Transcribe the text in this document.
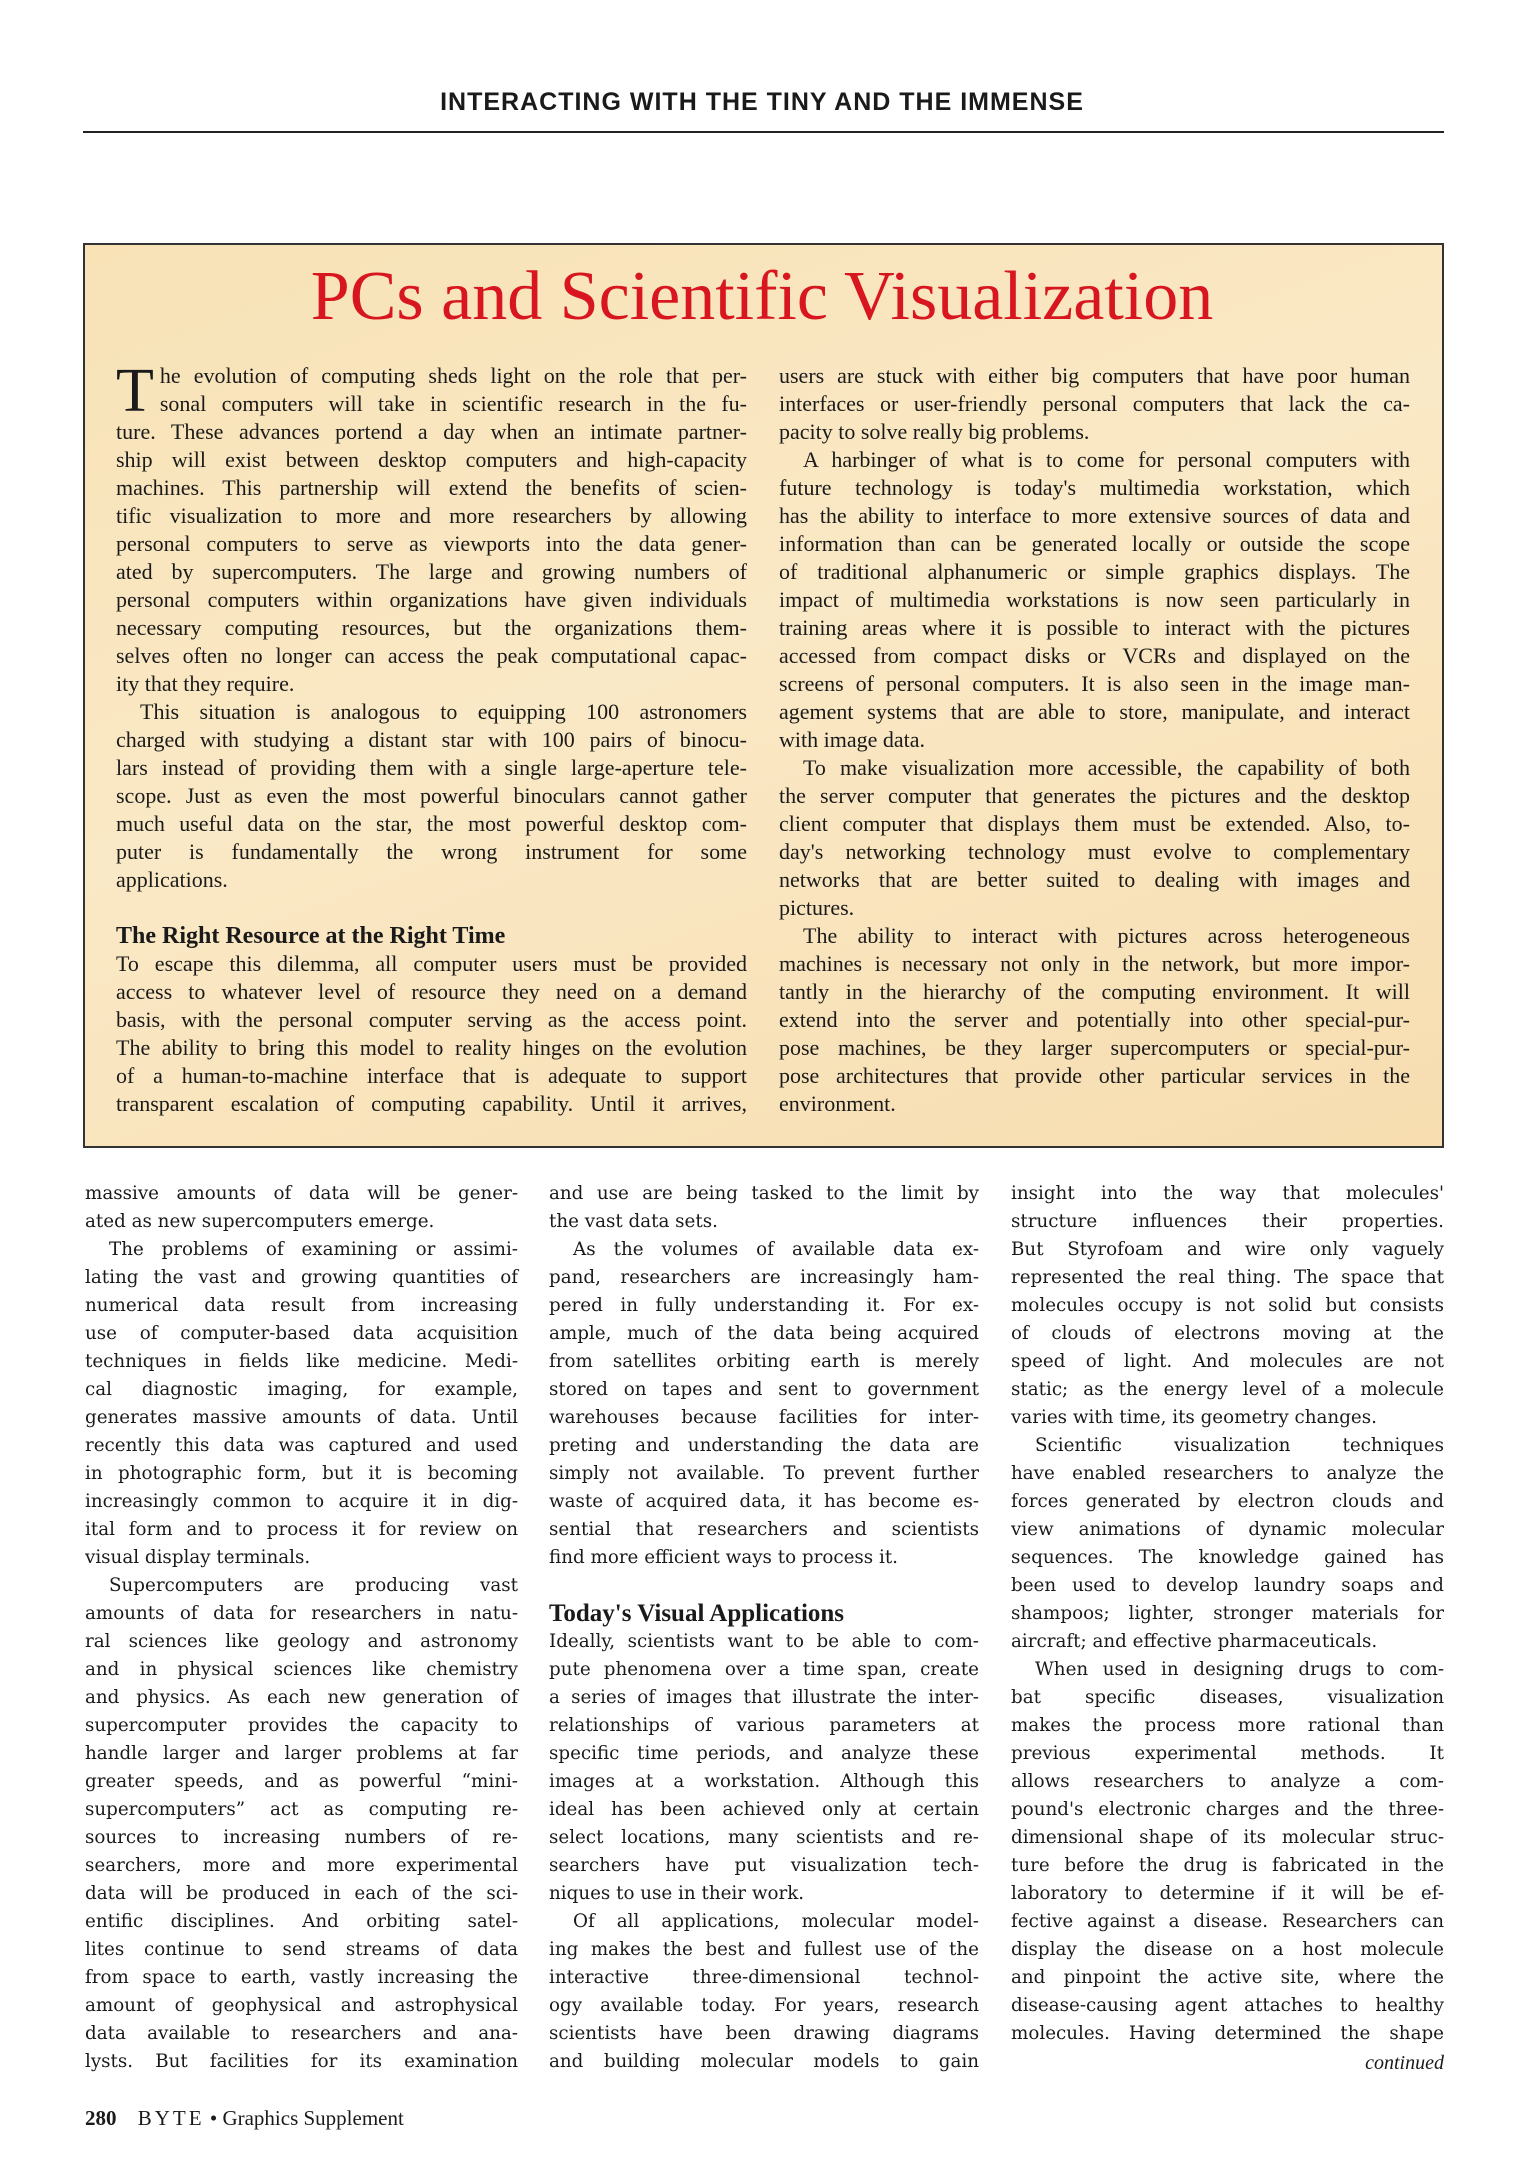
INTERACTING WITH THE TINY AND THE IMMENSE
PCs and Scientific Visualization
T he evolution of computing sheds light on the role that per-
sonal computers will take in scientific research in the fu-
ture. These advances portend a day when an intimate partner-
ship will exist between desktop computers and high-capacity
machines. This partnership will extend the benefits of scien-
tific visualization to more and more researchers by allowing
personal computers to serve as viewports into the data gener-
ated by supercomputers. The large and growing numbers of
personal computers within organizations have given individuals
necessary computing resources, but the organizations them-
selves often no longer can access the peak computational capac-
ity that they require.
This situation is analogous to equipping 100 astronomers
charged with studying a distant star with 100 pairs of binocu-
lars instead of providing them with a single large-aperture tele-
scope. Just as even the most powerful binoculars cannot gather
much useful data on the star, the most powerful desktop com-
puter is fundamentally the wrong instrument for some
applications.
The Right Resource at the Right Time
To escape this dilemma, all computer users must be provided
access to whatever level of resource they need on a demand
basis, with the personal computer serving as the access point.
The ability to bring this model to reality hinges on the evolution
of a human-to-machine interface that is adequate to support
transparent escalation of computing capability. Until it arrives,
users are stuck with either big computers that have poor human
interfaces or user-friendly personal computers that lack the ca-
pacity to solve really big problems.
A harbinger of what is to come for personal computers with
future technology is today's multimedia workstation, which
has the ability to interface to more extensive sources of data and
information than can be generated locally or outside the scope
of traditional alphanumeric or simple graphics displays. The
impact of multimedia workstations is now seen particularly in
training areas where it is possible to interact with the pictures
accessed from compact disks or VCRs and displayed on the
screens of personal computers. It is also seen in the image man-
agement systems that are able to store, manipulate, and interact
with image data.
To make visualization more accessible, the capability of both
the server computer that generates the pictures and the desktop
client computer that displays them must be extended. Also, to-
day's networking technology must evolve to complementary
networks that are better suited to dealing with images and
pictures.
The ability to interact with pictures across heterogeneous
machines is necessary not only in the network, but more impor-
tantly in the hierarchy of the computing environment. It will
extend into the server and potentially into other special-pur-
pose machines, be they larger supercomputers or special-pur-
pose architectures that provide other particular services in the
environment.
massive amounts of data will be gener-
ated as new supercomputers emerge.
The problems of examining or assimi-
lating the vast and growing quantities of
numerical data result from increasing
use of computer-based data acquisition
techniques in fields like medicine. Medi-
cal diagnostic imaging, for example,
generates massive amounts of data. Until
recently this data was captured and used
in photographic form, but it is becoming
increasingly common to acquire it in dig-
ital form and to process it for review on
visual display terminals.
Supercomputers are producing vast
amounts of data for researchers in natu-
ral sciences like geology and astronomy
and in physical sciences like chemistry
and physics. As each new generation of
supercomputer provides the capacity to
handle larger and larger problems at far
greater speeds, and as powerful “mini-
supercomputers” act as computing re-
sources to increasing numbers of re-
searchers, more and more experimental
data will be produced in each of the sci-
entific disciplines. And orbiting satel-
lites continue to send streams of data
from space to earth, vastly increasing the
amount of geophysical and astrophysical
data available to researchers and ana-
lysts. But facilities for its examination
and use are being tasked to the limit by
the vast data sets.
As the volumes of available data ex-
pand, researchers are increasingly ham-
pered in fully understanding it. For ex-
ample, much of the data being acquired
from satellites orbiting earth is merely
stored on tapes and sent to government
warehouses because facilities for inter-
preting and understanding the data are
simply not available. To prevent further
waste of acquired data, it has become es-
sential that researchers and scientists
find more efficient ways to process it.
Today's Visual Applications
Ideally, scientists want to be able to com-
pute phenomena over a time span, create
a series of images that illustrate the inter-
relationships of various parameters at
specific time periods, and analyze these
images at a workstation. Although this
ideal has been achieved only at certain
select locations, many scientists and re-
searchers have put visualization tech-
niques to use in their work.
Of all applications, molecular model-
ing makes the best and fullest use of the
interactive three-dimensional technol-
ogy available today. For years, research
scientists have been drawing diagrams
and building molecular models to gain
insight into the way that molecules'
structure influences their properties.
But Styrofoam and wire only vaguely
represented the real thing. The space that
molecules occupy is not solid but consists
of clouds of electrons moving at the
speed of light. And molecules are not
static; as the energy level of a molecule
varies with time, its geometry changes.
Scientific visualization techniques
have enabled researchers to analyze the
forces generated by electron clouds and
view animations of dynamic molecular
sequences. The knowledge gained has
been used to develop laundry soaps and
shampoos; lighter, stronger materials for
aircraft; and effective pharmaceuticals.
When used in designing drugs to com-
bat specific diseases, visualization
makes the process more rational than
previous experimental methods. It
allows researchers to analyze a com-
pound's electronic charges and the three-
dimensional shape of its molecular struc-
ture before the drug is fabricated in the
laboratory to determine if it will be ef-
fective against a disease. Researchers can
display the disease on a host molecule
and pinpoint the active site, where the
disease-causing agent attaches to healthy
molecules. Having determined the shape
continued
280 BYTE • Graphics Supplement
